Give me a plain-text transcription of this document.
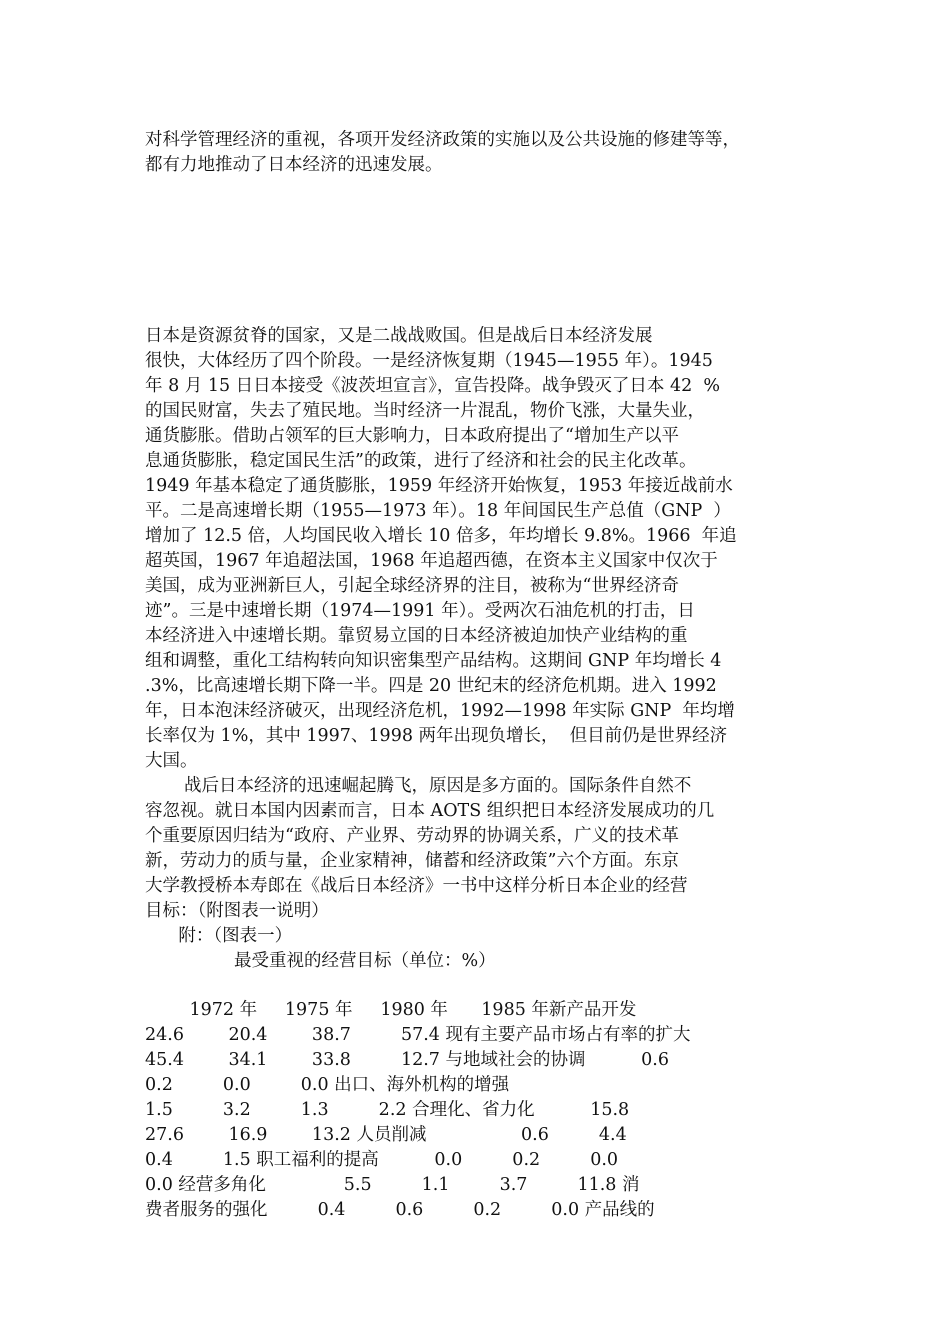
对科学管理经济的重视，各项开发经济政策的实施以及公共设施的修建等等，
都有力地推动了日本经济的迅速发展。
日本是资源贫脊的国家，又是二战战败国。但是战后日本经济发展
很快，大体经历了四个阶段。一是经济恢复期（1945—1955 年）。1945
年 8 月 15 日日本接受《波茨坦宣言》，宣告投降。战争毁灭了日本 42  %
的国民财富，失去了殖民地。当时经济一片混乱，物价飞涨，大量失业，
通货膨胀。借助占领军的巨大影响力，日本政府提出了“增加生产以平
息通货膨胀，稳定国民生活”的政策，进行了经济和社会的民主化改革。
1949 年基本稳定了通货膨胀，1959 年经济开始恢复，1953 年接近战前水
平。二是高速增长期（1955—1973 年）。18 年间国民生产总值（GNP  ）
增加了 12.5 倍，人均国民收入增长 10 倍多，年均增长 9.8%。1966  年追
超英国，1967 年追超法国，1968 年追超西德，在资本主义国家中仅次于
美国，成为亚洲新巨人，引起全球经济界的注目，被称为“世界经济奇
迹”。三是中速增长期（1974—1991 年）。受两次石油危机的打击，日
本经济进入中速增长期。靠贸易立国的日本经济被迫加快产业结构的重
组和调整，重化工结构转向知识密集型产品结构。这期间 GNP 年均增长 4
.3%，比高速增长期下降一半。四是 20 世纪末的经济危机期。进入 1992
年，日本泡沫经济破灭，出现经济危机，1992—1998 年实际 GNP  年均增
长率仅为 1%，其中 1997、1998 两年出现负增长，  但目前仍是世界经济
大国。
战后日本经济的迅速崛起腾飞，原因是多方面的。国际条件自然不
容忽视。就日本国内因素而言，日本 AOTS 组织把日本经济发展成功的几
个重要原因归结为“政府、产业界、劳动界的协调关系，广义的技术革
新，劳动力的质与量，企业家精神，储蓄和经济政策”六个方面。东京
大学教授桥本寿郎在《战后日本经济》一书中这样分析日本企业的经营
目标：（附图表一说明）
附：（图表一）
最受重视的经营目标（单位：%）
1972 年     1975 年     1980 年      1985 年新产品开发
24.6        20.4        38.7         57.4 现有主要产品市场占有率的扩大
45.4        34.1        33.8         12.7 与地域社会的协调          0.6
0.2         0.0         0.0 出口、海外机构的增强
1.5         3.2         1.3         2.2 合理化、省力化          15.8
27.6        16.9        13.2 人员削减                 0.6         4.4
0.4         1.5 职工福利的提高          0.0         0.2         0.0
0.0 经营多角化              5.5         1.1         3.7         11.8 消
费者服务的强化         0.4         0.6         0.2         0.0 产品线的
